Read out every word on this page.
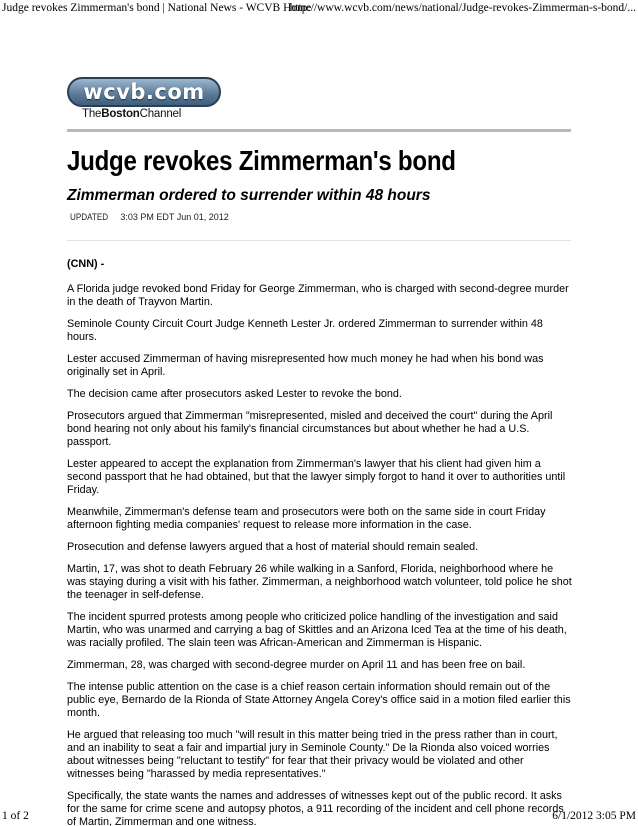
Judge revokes Zimmerman's bond | National News - WCVB Home
http://www.wcvb.com/news/national/Judge-revokes-Zimmerman-s-bond/...
wcvb.com
TheBostonChannel
Judge revokes Zimmerman's bond
Zimmerman ordered to surrender within 48 hours
UPDATED 3:03 PM EDT Jun 01, 2012
(CNN) -

A Florida judge revoked bond Friday for George Zimmerman, who is charged with second-degree murder in the death of Trayvon Martin.

Seminole County Circuit Court Judge Kenneth Lester Jr. ordered Zimmerman to surrender within 48 hours.

Lester accused Zimmerman of having misrepresented how much money he had when his bond was originally set in April.

The decision came after prosecutors asked Lester to revoke the bond.

Prosecutors argued that Zimmerman "misrepresented, misled and deceived the court" during the April bond hearing not only about his family's financial circumstances but about whether he had a U.S. passport.

Lester appeared to accept the explanation from Zimmerman's lawyer that his client had given him a second passport that he had obtained, but that the lawyer simply forgot to hand it over to authorities until Friday.

Meanwhile, Zimmerman's defense team and prosecutors were both on the same side in court Friday afternoon fighting media companies' request to release more information in the case.

Prosecution and defense lawyers argued that a host of material should remain sealed.

Martin, 17, was shot to death February 26 while walking in a Sanford, Florida, neighborhood where he was staying during a visit with his father. Zimmerman, a neighborhood watch volunteer, told police he shot the teenager in self-defense.

The incident spurred protests among people who criticized police handling of the investigation and said Martin, who was unarmed and carrying a bag of Skittles and an Arizona Iced Tea at the time of his death, was racially profiled. The slain teen was African-American and Zimmerman is Hispanic.

Zimmerman, 28, was charged with second-degree murder on April 11 and has been free on bail.

The intense public attention on the case is a chief reason certain information should remain out of the public eye, Bernardo de la Rionda of State Attorney Angela Corey's office said in a motion filed earlier this month.

He argued that releasing too much "will result in this matter being tried in the press rather than in court, and an inability to seat a fair and impartial jury in Seminole County." De la Rionda also voiced worries about witnesses being "reluctant to testify" for fear that their privacy would be violated and other witnesses being "harassed by media representatives."

Specifically, the state wants the names and addresses of witnesses kept out of the public record. It asks for the same for crime scene and autopsy photos, a 911 recording of the incident and cell phone records of Martin, Zimmerman and one witness.

1 of 2	6/1/2012 3:05 PM
